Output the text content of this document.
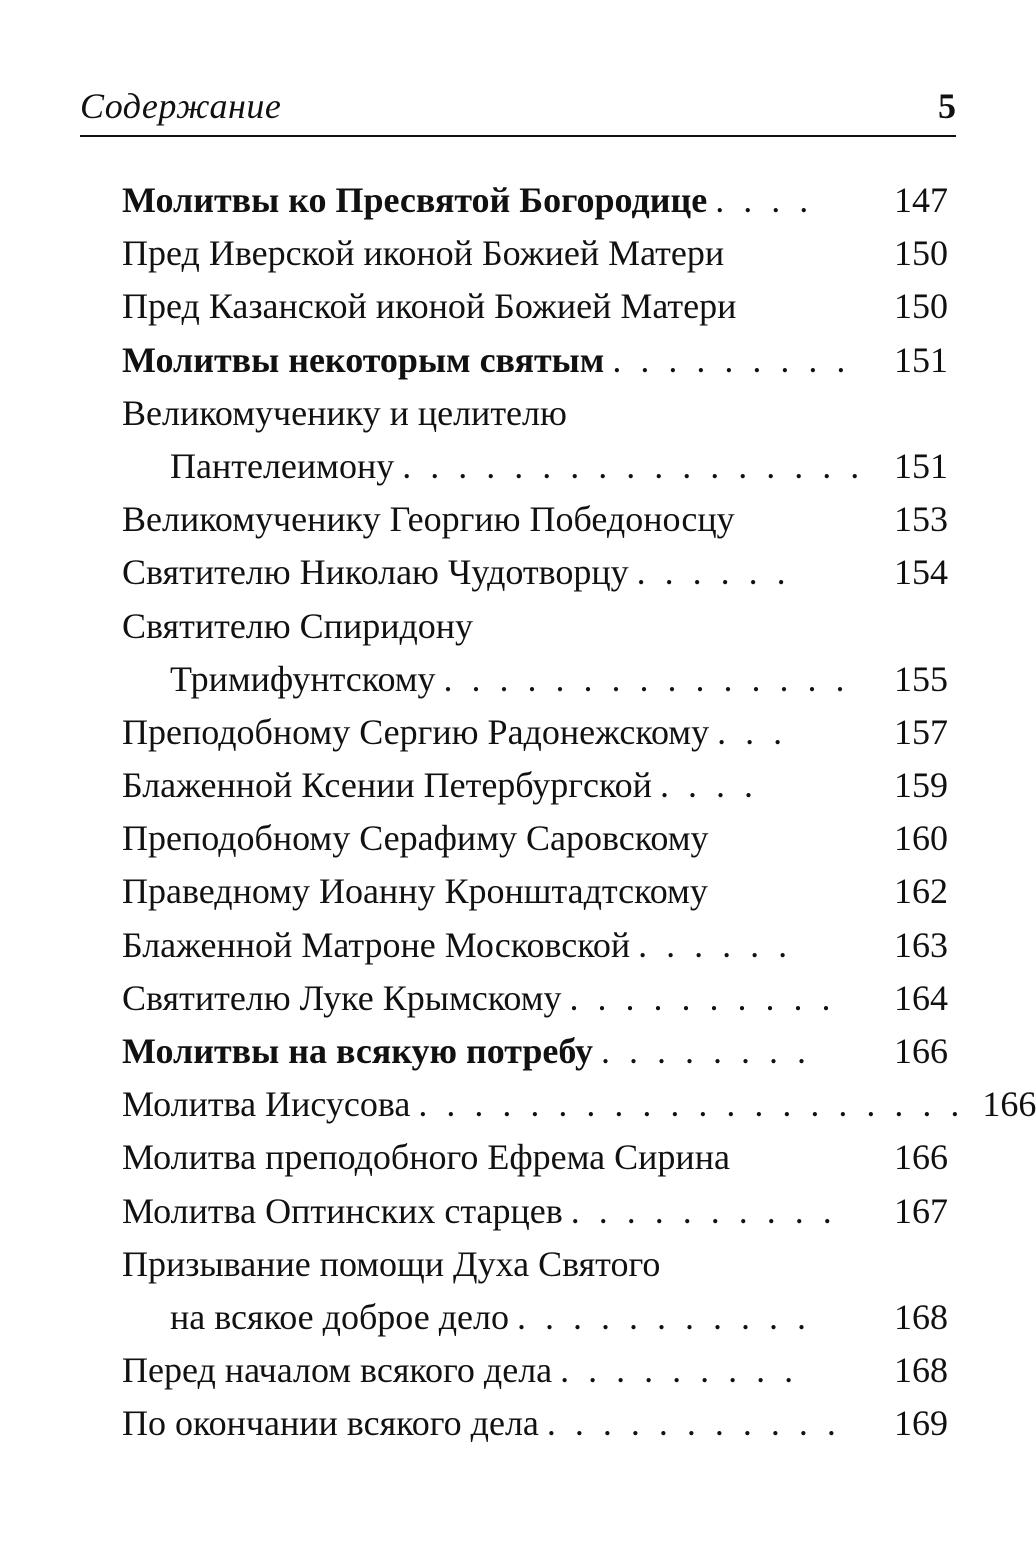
Содержание	5
Молитвы ко Пресвятой Богородице . . . .	147
Пред Иверской иконой Божией Матери	150
Пред Казанской иконой Божией Матери	150
Молитвы некоторым святым . . . . . . . . .	151
Великомученику и целителю
Пантелеимону . . . . . . . . . . . . . . . . . 151
Великомученику Георгию Победоносцу	153
Святителю Николаю Чудотворцу . . . . . .	154
Святителю Спиридону
Тримифунтскому . . . . . . . . . . . . . . .	155
Преподобному Сергию Радонежскому . . .	157
Блаженной Ксении Петербургской . . . .	159
Преподобному Серафиму Саровскому	160
Праведному Иоанну Кронштадтскому	162
Блаженной Матроне Московской . . . . . .	163
Святителю Луке Крымскому . . . . . . . . . .	164
Молитвы на всякую потребу . . . . . . . .	166
Молитва Иисусова . . . . . . . . . . . . . . . . . . . . 166
Молитва преподобного Ефрема Сирина	166
Молитва Оптинских старцев . . . . . . . . . .	167
Призывание помощи Духа Святого
на всякое доброе дело . . . . . . . . . . .	168
Перед началом всякого дела . . . . . . . . .	168
По окончании всякого дела . . . . . . . . . . .	169
